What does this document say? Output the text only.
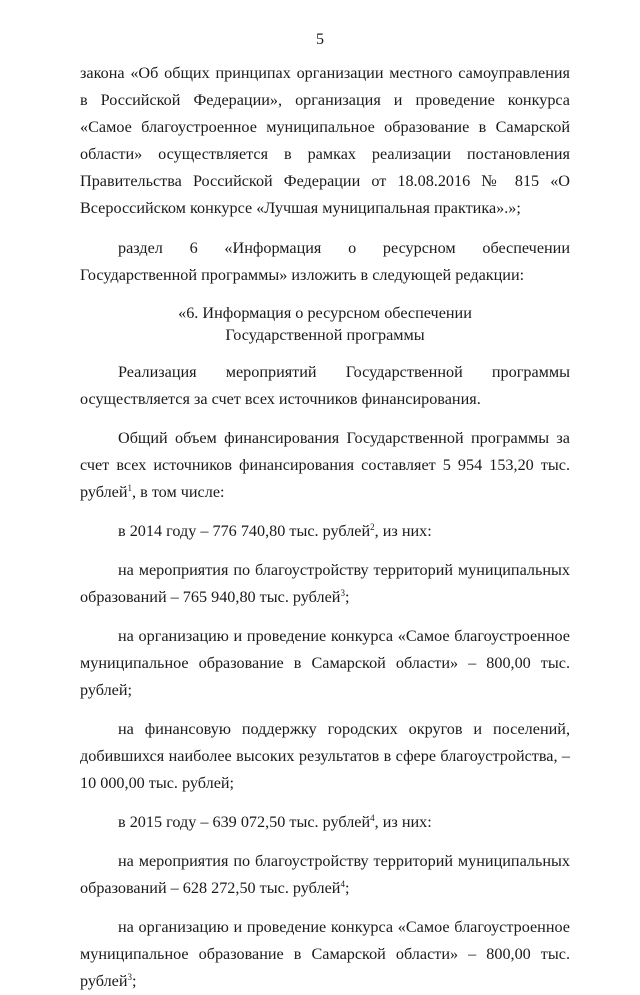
5

закона «Об общих принципах организации местного самоуправления в Российской Федерации», организация и проведение конкурса «Самое благоустроенное муниципальное образование в Самарской области» осуществляется в рамках реализации постановления Правительства Российской Федерации от 18.08.2016 № 815 «О Всероссийском конкурсе «Лучшая муниципальная практика».»;

раздел 6 «Информация о ресурсном обеспечении Государственной программы» изложить в следующей редакции:

«6. Информация о ресурсном обеспечении
Государственной программы

Реализация мероприятий Государственной программы осуществляется за счет всех источников финансирования.

Общий объем финансирования Государственной программы за счет всех источников финансирования составляет 5 954 153,20 тыс. рублей$^1$, в том числе:

в 2014 году – 776 740,80 тыс. рублей$^2$, из них:

на мероприятия по благоустройству территорий муниципальных образований – 765 940,80 тыс. рублей$^3$;

на организацию и проведение конкурса «Самое благоустроенное муниципальное образование в Самарской области» – 800,00 тыс. рублей;

на финансовую поддержку городских округов и поселений, добившихся наиболее высоких результатов в сфере благоустройства, – 10 000,00 тыс. рублей;

в 2015 году – 639 072,50 тыс. рублей$^4$, из них:

на мероприятия по благоустройству территорий муниципальных образований – 628 272,50 тыс. рублей$^4$;

на организацию и проведение конкурса «Самое благоустроенное муниципальное образование в Самарской области» – 800,00 тыс. рублей$^3$;
